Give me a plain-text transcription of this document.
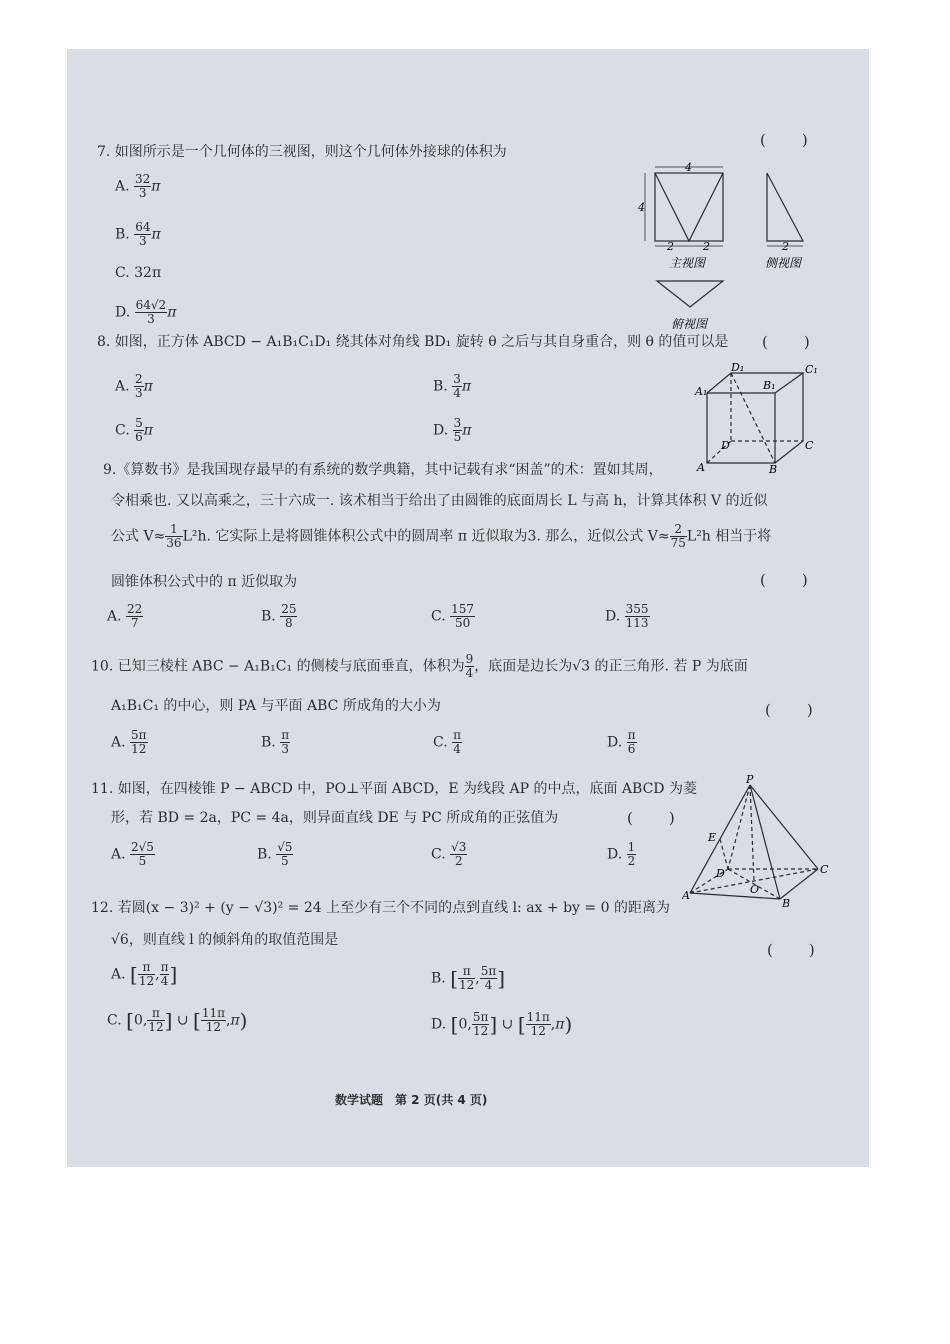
7. 如图所示是一个几何体的三视图，则这个几何体外接球的体积为
(　　)
A. $\frac{32}{3}$ π
B. $\frac{64}{3}$ π
C. 32π
D. $\frac{64√2}{3}$ π
4
4
2	2
主视图
2
侧视图
俯视图
8. 如图，正方体 ABCD − A₁B₁C₁D₁ 绕其体对角线 BD₁ 旋转 θ 之后与其自身重合，则 θ 的值可以是 (　　)
A. $\frac{2}{3}$ π	B. $\frac{3}{4}$ π
C. $\frac{5}{6}$ π	D. $\frac{3}{5}$ π
A₁
D₁
B₁
C₁
D	C
A	B
9.《算数书》是我国现存最早的有系统的数学典籍，其中记载有求“困盖”的术：置如其周，
令相乘也. 又以高乘之，三十六成一. 该术相当于给出了由圆锥的底面周长 L 与高 h，计算其体积 V 的近似
公式 $V\approx \frac{1}{36} L^2h$. 它实际上是将圆锥体积公式中的圆周率 π 近似取为3. 那么，近似公式 $V\approx \frac{2}{75} L^2h$ 相当于将
圆锥体积公式中的 π 近似取为	(　　)
A. $\frac{22}{7}$	B. $\frac{25}{8}$	C. $\frac{157}{50}$	D. $\frac{355}{113}$
10. 已知三棱柱 ABC − A₁B₁C₁ 的侧棱与底面垂直，体积为 $\frac{9}{4}$ ，底面是边长为√3 的正三角形. 若 P 为底面
A₁B₁C₁ 的中心，则 PA 与平面 ABC 所成角的大小为	(　　)
A. $\frac{5\pi}{12}$	B. $\frac{\pi}{3}$	C. $\frac{\pi}{4}$	D. $\frac{\pi}{6}$
11. 如图，在四棱锥 P − ABCD 中，PO⊥平面 ABCD，E 为线段 AP 的中点，底面 ABCD 为菱
形，若 BD = 2a，PC = 4a，则异面直线 DE 与 PC 所成角的正弦值为	(　　)
A. $\frac{2√5}{5}$	B. $\frac{√5}{5}$	C. $\frac{√3}{2}$	D. $\frac{1}{2}$
P
E
D
O
C
A
B
12. 若圆(x − 3)² + (y − √3)² = 24 上至少有三个不同的点到直线 l: ax + by = 0 的距离为
√6，则直线 l 的倾斜角的取值范围是
(　　)
A. [ $\frac{\pi}{12}$ , $\frac{\pi}{4}$ ]	B. [ $\frac{\pi}{12}$ , $\frac{5\pi}{4}$ ]
C. [0, $\frac{\pi}{12}$ ] ∪ [ $\frac{11\pi}{12} ,\pi$)	D. [0, $\frac{5\pi}{12}$ ] ∪ [ $\frac{11\pi}{12} ,\pi$)
数学试题　第 2 页(共 4 页)
